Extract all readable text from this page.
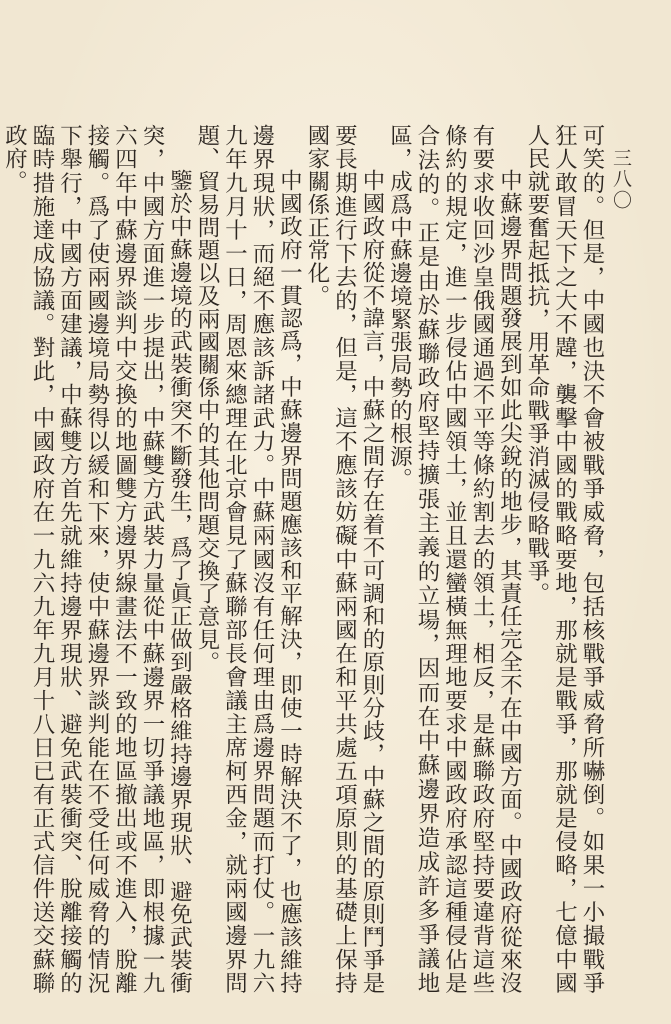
三八〇

可笑的。但是，中國也決不會被戰爭威脅，包括核戰爭威脅所嚇倒。如果一小撮戰爭狂人敢冒天下之大不韙，襲擊中國的戰略要地，那就是戰爭，那就是侵略，七億中國人民就要奮起抵抗，用革命戰爭消滅侵略戰爭。

中蘇邊界問題發展到如此尖銳的地步，其責任完全不在中國方面。中國政府從來沒有要求收回沙皇俄國通過不平等條約割去的領土，相反，是蘇聯政府堅持要違背這些條約的規定，進一步侵佔中國領土，並且還蠻橫無理地要求中國政府承認這種侵佔是合法的。正是由於蘇聯政府堅持擴張主義的立場，因而在中蘇邊界造成許多爭議地區，成爲中蘇邊境緊張局勢的根源。

中國政府從不諱言，中蘇之間存在着不可調和的原則分歧，中蘇之間的原則鬥爭是要長期進行下去的，但是，這不應該妨礙中蘇兩國在和平共處五項原則的基礎上保持國家關係正常化。

中國政府一貫認爲，中蘇邊界問題應該和平解決，即使一時解決不了，也應該維持邊界現狀，而絕不應該訴諸武力。中蘇兩國沒有任何理由爲邊界問題而打仗。一九六九年九月十一日，周恩來總理在北京會見了蘇聯部長會議主席柯西金，就兩國邊界問題、貿易問題以及兩國關係中的其他問題交換了意見。

鑒於中蘇邊境的武裝衝突不斷發生，爲了眞正做到嚴格維持邊界現狀、避免武裝衝突，中國方面進一步提出，中蘇雙方武裝力量從中蘇邊界一切爭議地區，即根據一九六四年中蘇邊界談判中交換的地圖雙方邊界線畫法不一致的地區撤出或不進入，脫離接觸。爲了使兩國邊境局勢得以緩和下來，使中蘇邊界談判能在不受任何威脅的情況下舉行，中國方面建議，中蘇雙方首先就維持邊界現狀、避免武裝衝突、脫離接觸的臨時措施達成協議。對此，中國政府在一九六九年九月十八日已有正式信件送交蘇聯政府。
